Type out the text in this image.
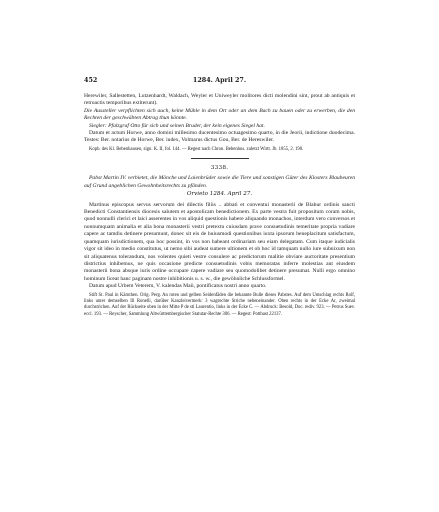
452	1284. April 27.

Herewiler, Sallestetten, Lutzenhardt, Waldach, Weyler et Uniweyler molitores dicti molendini sint, prout ab antiquis et retroactis temporibus extiterunt).

Die Aussteller verpflichten sich auch, keine Mühle in dem Ort oder an dem Bach zu bauen oder zu erwerben, die den Rechten der geschwäbten Abtrag thun könnte.

Siegler: Pfalzgraf Otto für sich und seinen Bruder, der kein eigenes Siegel hat.

Datum et actum Horwe, anno domini millesimo ducentesimo octuagesimo quarto, in die Jeorii, indictione duodecima. Testes: Ber. notarius de Horwe, Ber. iudex, Volmarus dictus Gou, Ber. de Hereswiler.

Kopb. des Kl. Bebenhausen, sign. K. II, fol. 144. — Regest nach Chron. Bebenhus. zuletzt Wirtt. Jb. 1855, 2. 190.

3338.

Pabst Martin IV. verbietet, die Mönche und Laienbrüder sowie die Tiere und sonstigen Güter des Klosters Blaubeuren auf Grund angeblichen Gewohnheitsrechts zu pfänden.

Orvieto 1284. April 27.

Martinus episcopus servus servorum dei dilectis filiis .. abbati et conventui monasterii de Blabur ordinis sancti Benedicti Constantiensis diocesis salutem et apostolicam benedictionem. Ex parte vestra fuit propositum coram nobis, quod nonnulli clerici et laici asserentes in vos aliquid questionis habere aliquando monachos, interdum vero conversos et nonnumquam animalia et alia bona monasterii vestri pretextu cuiusdam prave consuetudinis temeritate propria vadiare capere ac tamdiu detinere presumunt, donec sit eis de huiusmodi questionibus iuxta ipsorum beneplacitum satisfactum, quamquam iurisdictionem, qua hoc possint, in vos non habeant ordinariam seu eiam delegatam. Cum itaque iudicialis vigor sit ideo in medio constitutus, ut nemo sibi audeat sumere ultionem et ob hoc id tamquam nullo iure subnixum non sit aliquatenus tolerandum, nos volentes quieti vestre consulere ac predictorum malitie obviare auctoritate presentium districtius inhibemus, ne quis occasione predicte consuetudinis vobis memoratas inferre molestias aut eiusdem monasterii bona absque iuris ordine occupare capere vadiare seu quomodolibet detinere presumat. Nulli ergo omnino hominum liceat hanc paginam nostre inhibitionis u. s. w., die gewöhnliche Schlussformel.

Datum apud Urbem Veterem, V. kalendas Maii, pontificatus nostri anno quarto.

Stift St. Paul in Kärnthen. Orig. Perg. An roten und gelben Seidenfäden die bekannte Bulle dieses Pabstes. Auf dem Umschlag rechts Rolf, links unter demselben Ill Ronelli, darüber Kanzleivermerk: 3 wagrechte Striche nebeneinander. Oben rechts in der Ecke Ar, zweimal durchstrichen. Auf der Rückseite oben in der Mitte P de sti Laurentio, links in der Ecke C. — Abdruck: Besold, Doc. rediv. 923. — Petrus Suev. eccl. 193. — Reyscher, Sammlung Altwürttembergischer Statutar-Rechte 306. — Regest: Potthast 22137.
